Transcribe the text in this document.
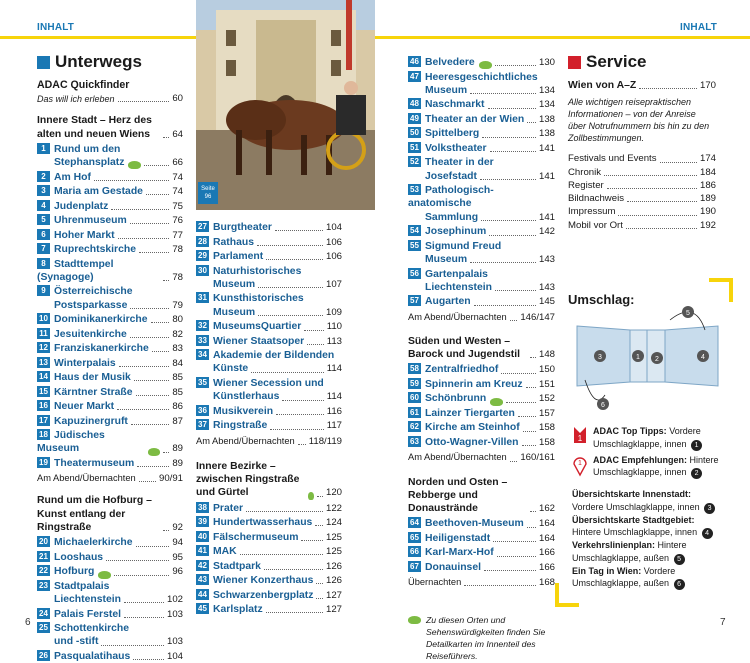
INHALT
Unterwegs
ADAC Quickfinder
Das will ich erleben	60
Innere Stadt – Herz des alten und neuen Wiens	64
1 Rund um den
Stephansplatz	66
2 Am Hof	74
3 Maria am Gestade	74
4 Judenplatz	75
5 Uhrenmuseum	76
6 Hoher Markt	77
7 Ruprechtskirche	78
8 Stadttempel (Synagoge)	78
9 Österreichische
Postsparkasse	79
10 Dominikanerkirche	80
11 Jesuitenkirche	82
12 Franziskanerkirche 83
13 Winterpalais	84
14 Haus der Musik	85
15 Kärntner Straße	85
16 Neuer Markt	86
17 Kapuzinergruft	87
18 Jüdisches Museum	89
19 Theatermuseum	89
Am Abend/Übernachten 90/91
Rund um die Hofburg – Kunst entlang der Ringstraße	92
20 Michaelerkirche	94
21 Looshaus	95
22 Hofburg	96
23 Stadtpalais
Liechtenstein	102
24 Palais Ferstel	103
25 Schottenkirche
und -stift	103
26 Pasqualatihaus	104
Seite
96
27 Burgtheater	104
28 Rathaus	106
29 Parlament	106
30 Naturhistorisches
Museum	107
31 Kunsthistorisches
Museum	109
32 MuseumsQuartier	110
33 Wiener Staatsoper 113
34 Akademie der Bildenden
Künste	114
35 Wiener Secession und
Künstlerhaus	114
36 Musikverein	116
37 Ringstraße	117
Am Abend/Übernachten 118/119
Innere Bezirke – zwischen Ringstraße und Gürtel	120
38 Prater	122
39 Hundertwasserhaus 124
40 Fälschermuseum	125
41 MAK	125
42 Stadtpark	126
43 Wiener Konzerthaus 126
44 Schwarzenbergplatz 127
45 Karlsplatz	127
6
INHALT
46 Belvedere	130
47 Heeresgeschichtliches
Museum	134
48 Naschmarkt	134
49 Theater an der Wien 138
50 Spittelberg	138
51 Volkstheater	141
52 Theater in der
Josefstadt	141
53 Pathologisch-anatomische
Sammlung	141
54 Josephinum	142
55 Sigmund Freud
Museum	143
56 Gartenpalais
Liechtenstein	143
57 Augarten	145
Am Abend/Übernachten 146/147
Süden und Westen – Barock und Jugendstil	148
58 Zentralfriedhof	150
59 Spinnerin am Kreuz 151
60 Schönbrunn	152
61 Lainzer Tiergarten	157
62 Kirche am Steinhof 158
63 Otto-Wagner-Villen 158
Am Abend/Übernachten 160/161
Norden und Osten – Rebberge und Donaustrände	162
64 Beethoven-Museum 164
65 Heiligenstadt	164
66 Karl-Marx-Hof	166
67 Donauinsel	166
Übernachten	168
Zu diesen Orten und Sehenswürdigkeiten finden Sie Detailkarten im Innenteil des Reiseführers.
Service
Wien von A–Z	170
Alle wichtigen reisepraktischen Informationen – von der Anreise über Notrufnummern bis hin zu den Zollbestimmungen.
Festivals und Events	174
Chronik	184
Register	186
Bildnachweis	189
Impressum	190
Mobil vor Ort	192
Umschlag:
3	1 2	4
5
6
1
ADAC Top Tipps: Vordere Umschlagklappe, innen 1
1 ADAC Empfehlungen: Hintere Umschlagklappe, innen 2
Übersichtskarte Innenstadt:
Vordere Umschlagklappe, innen 3
Übersichtskarte Stadtgebiet:
Hintere Umschlagklappe, innen 4
Verkehrslinienplan: Hintere Umschlagklappe, außen 5
Ein Tag in Wien: Vordere Umschlagklappe, außen 6
7
